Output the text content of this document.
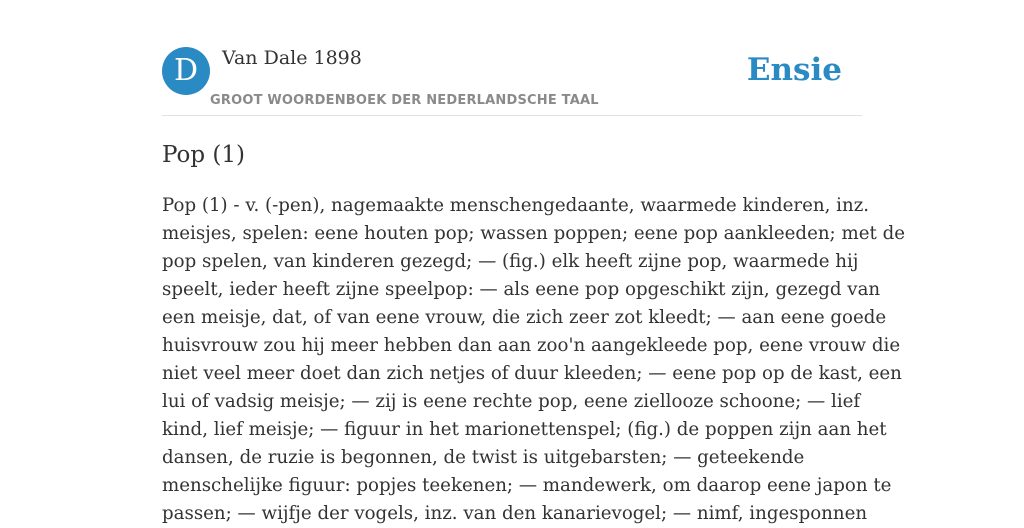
D	Van Dale 1898
GROOT WOORDENBOEK DER NEDERLANDSCHE TAAL
Ensie
Pop (1)
Pop (1) - v. (-pen), nagemaakte menschengedaante, waarmede kinderen, inz.
meisjes, spelen: eene houten pop; wassen poppen; eene pop aankleeden; met de
pop spelen, van kinderen gezegd; — (fig.) elk heeft zijne pop, waarmede hij
speelt, ieder heeft zijne speelpop: — als eene pop opgeschikt zijn, gezegd van
een meisje, dat, of van eene vrouw, die zich zeer zot kleedt; — aan eene goede
huisvrouw zou hij meer hebben dan aan zoo'n aangekleede pop, eene vrouw die
niet veel meer doet dan zich netjes of duur kleeden; — eene pop op de kast, een
lui of vadsig meisje; — zij is eene rechte pop, eene ziellooze schoone; — lief
kind, lief meisje; — figuur in het marionettenspel; (fig.) de poppen zijn aan het
dansen, de ruzie is begonnen, de twist is uitgebarsten; — geteekende
menschelijke figuur: popjes teekenen; — mandewerk, om daarop eene japon te
passen; — wijfje der vogels, inz. van den kanarievogel; — nimf, ingesponnen
